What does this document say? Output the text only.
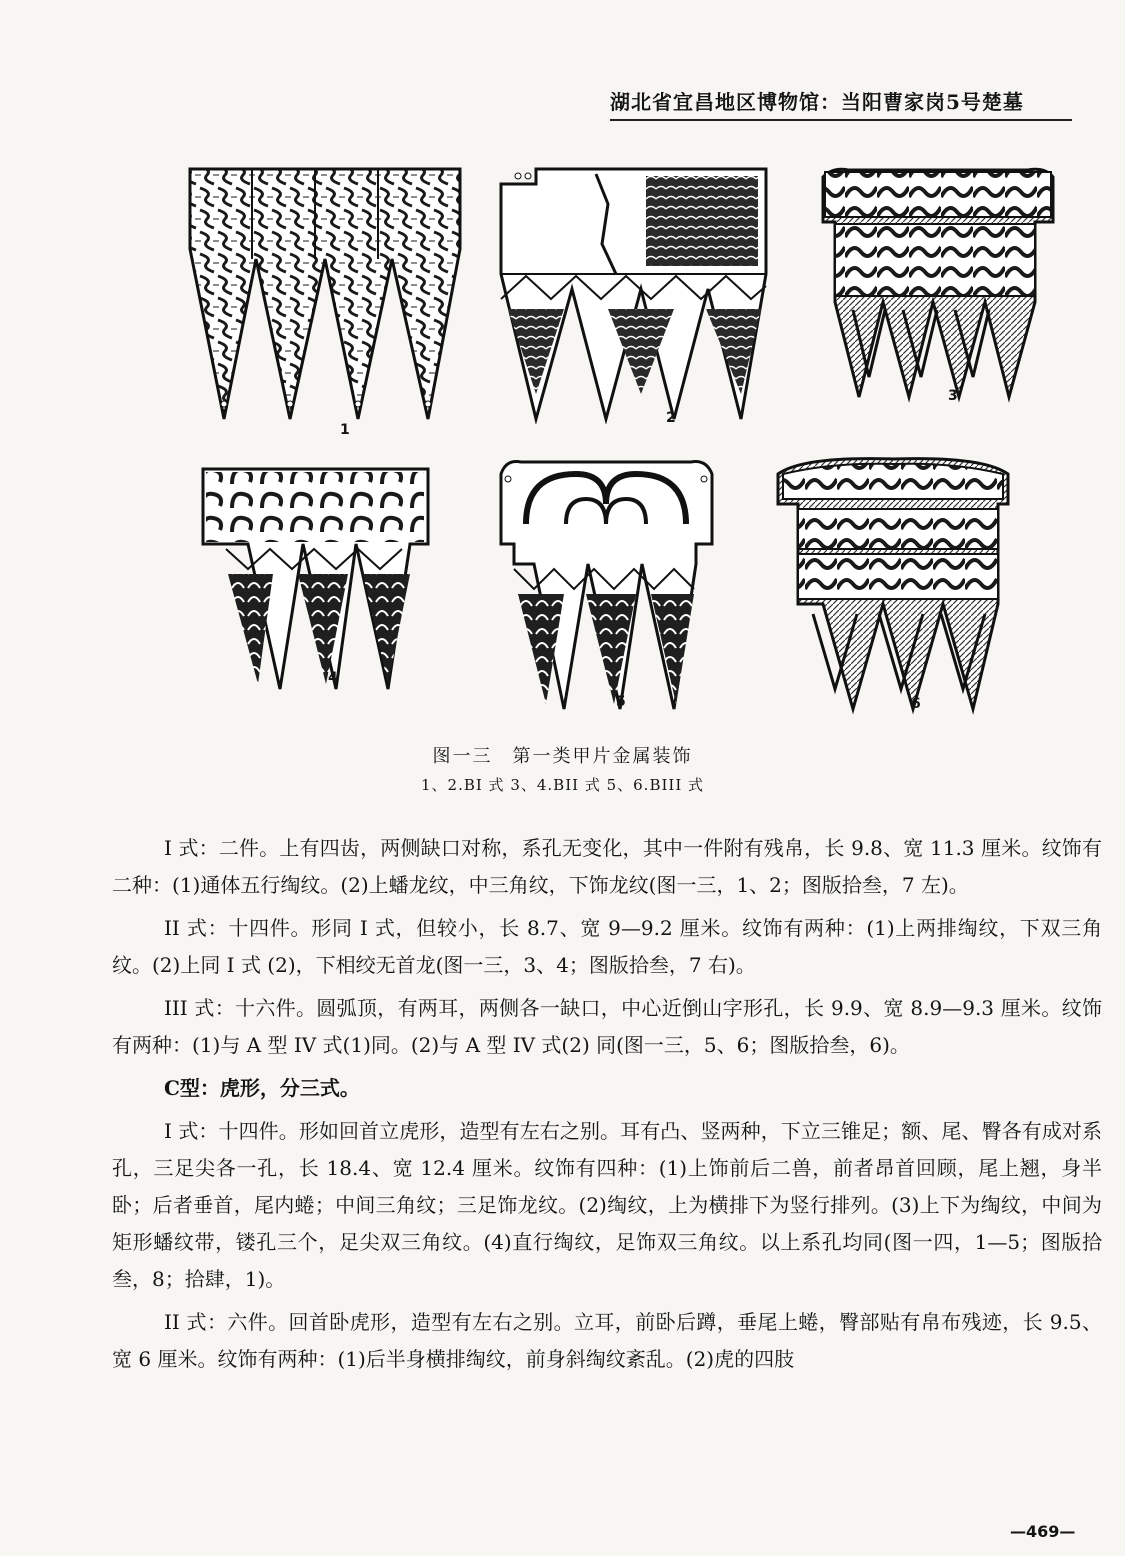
湖北省宜昌地区博物馆：当阳曹家岗5号楚墓
1
2
3
4
5	6
图一三　第一类甲片金属装饰
1、2.BI 式 3、4.BII 式 5、6.BIII 式

I 式：二件。上有四齿，两侧缺口对称，系孔无变化，其中一件附有残帛，长 9.8、宽 11.3 厘米。纹饰有二种：(1)通体五行绹纹。(2)上蟠龙纹，中三角纹，下饰龙纹(图一三，1、2；图版拾叁，7 左)。

II 式：十四件。形同 I 式，但较小，长 8.7、宽 9—9.2 厘米。纹饰有两种：(1)上两排绹纹，下双三角纹。(2)上同 I 式 (2)，下相绞无首龙(图一三，3、4；图版拾叁，7 右)。

III 式：十六件。圆弧顶，有两耳，两侧各一缺口，中心近倒山字形孔，长 9.9、宽 8.9—9.3 厘米。纹饰有两种：(1)与 A 型 IV 式(1)同。(2)与 A 型 IV 式(2) 同(图一三，5、6；图版拾叁，6)。

C型：虎形，分三式。

I 式：十四件。形如回首立虎形，造型有左右之别。耳有凸、竖两种，下立三锥足；额、尾、臀各有成对系孔，三足尖各一孔，长 18.4、宽 12.4 厘米。纹饰有四种：(1)上饰前后二兽，前者昂首回顾，尾上翘，身半卧；后者垂首，尾内蜷；中间三角纹；三足饰龙纹。(2)绹纹，上为横排下为竖行排列。(3)上下为绹纹，中间为矩形蟠纹带，镂孔三个，足尖双三角纹。(4)直行绹纹，足饰双三角纹。以上系孔均同(图一四，1—5；图版拾叁，8；拾肆，1)。

II 式：六件。回首卧虎形，造型有左右之别。立耳，前卧后蹲，垂尾上蜷，臀部贴有帛布残迹，长 9.5、宽 6 厘米。纹饰有两种：(1)后半身横排绹纹，前身斜绹纹紊乱。(2)虎的四肢

—469—
